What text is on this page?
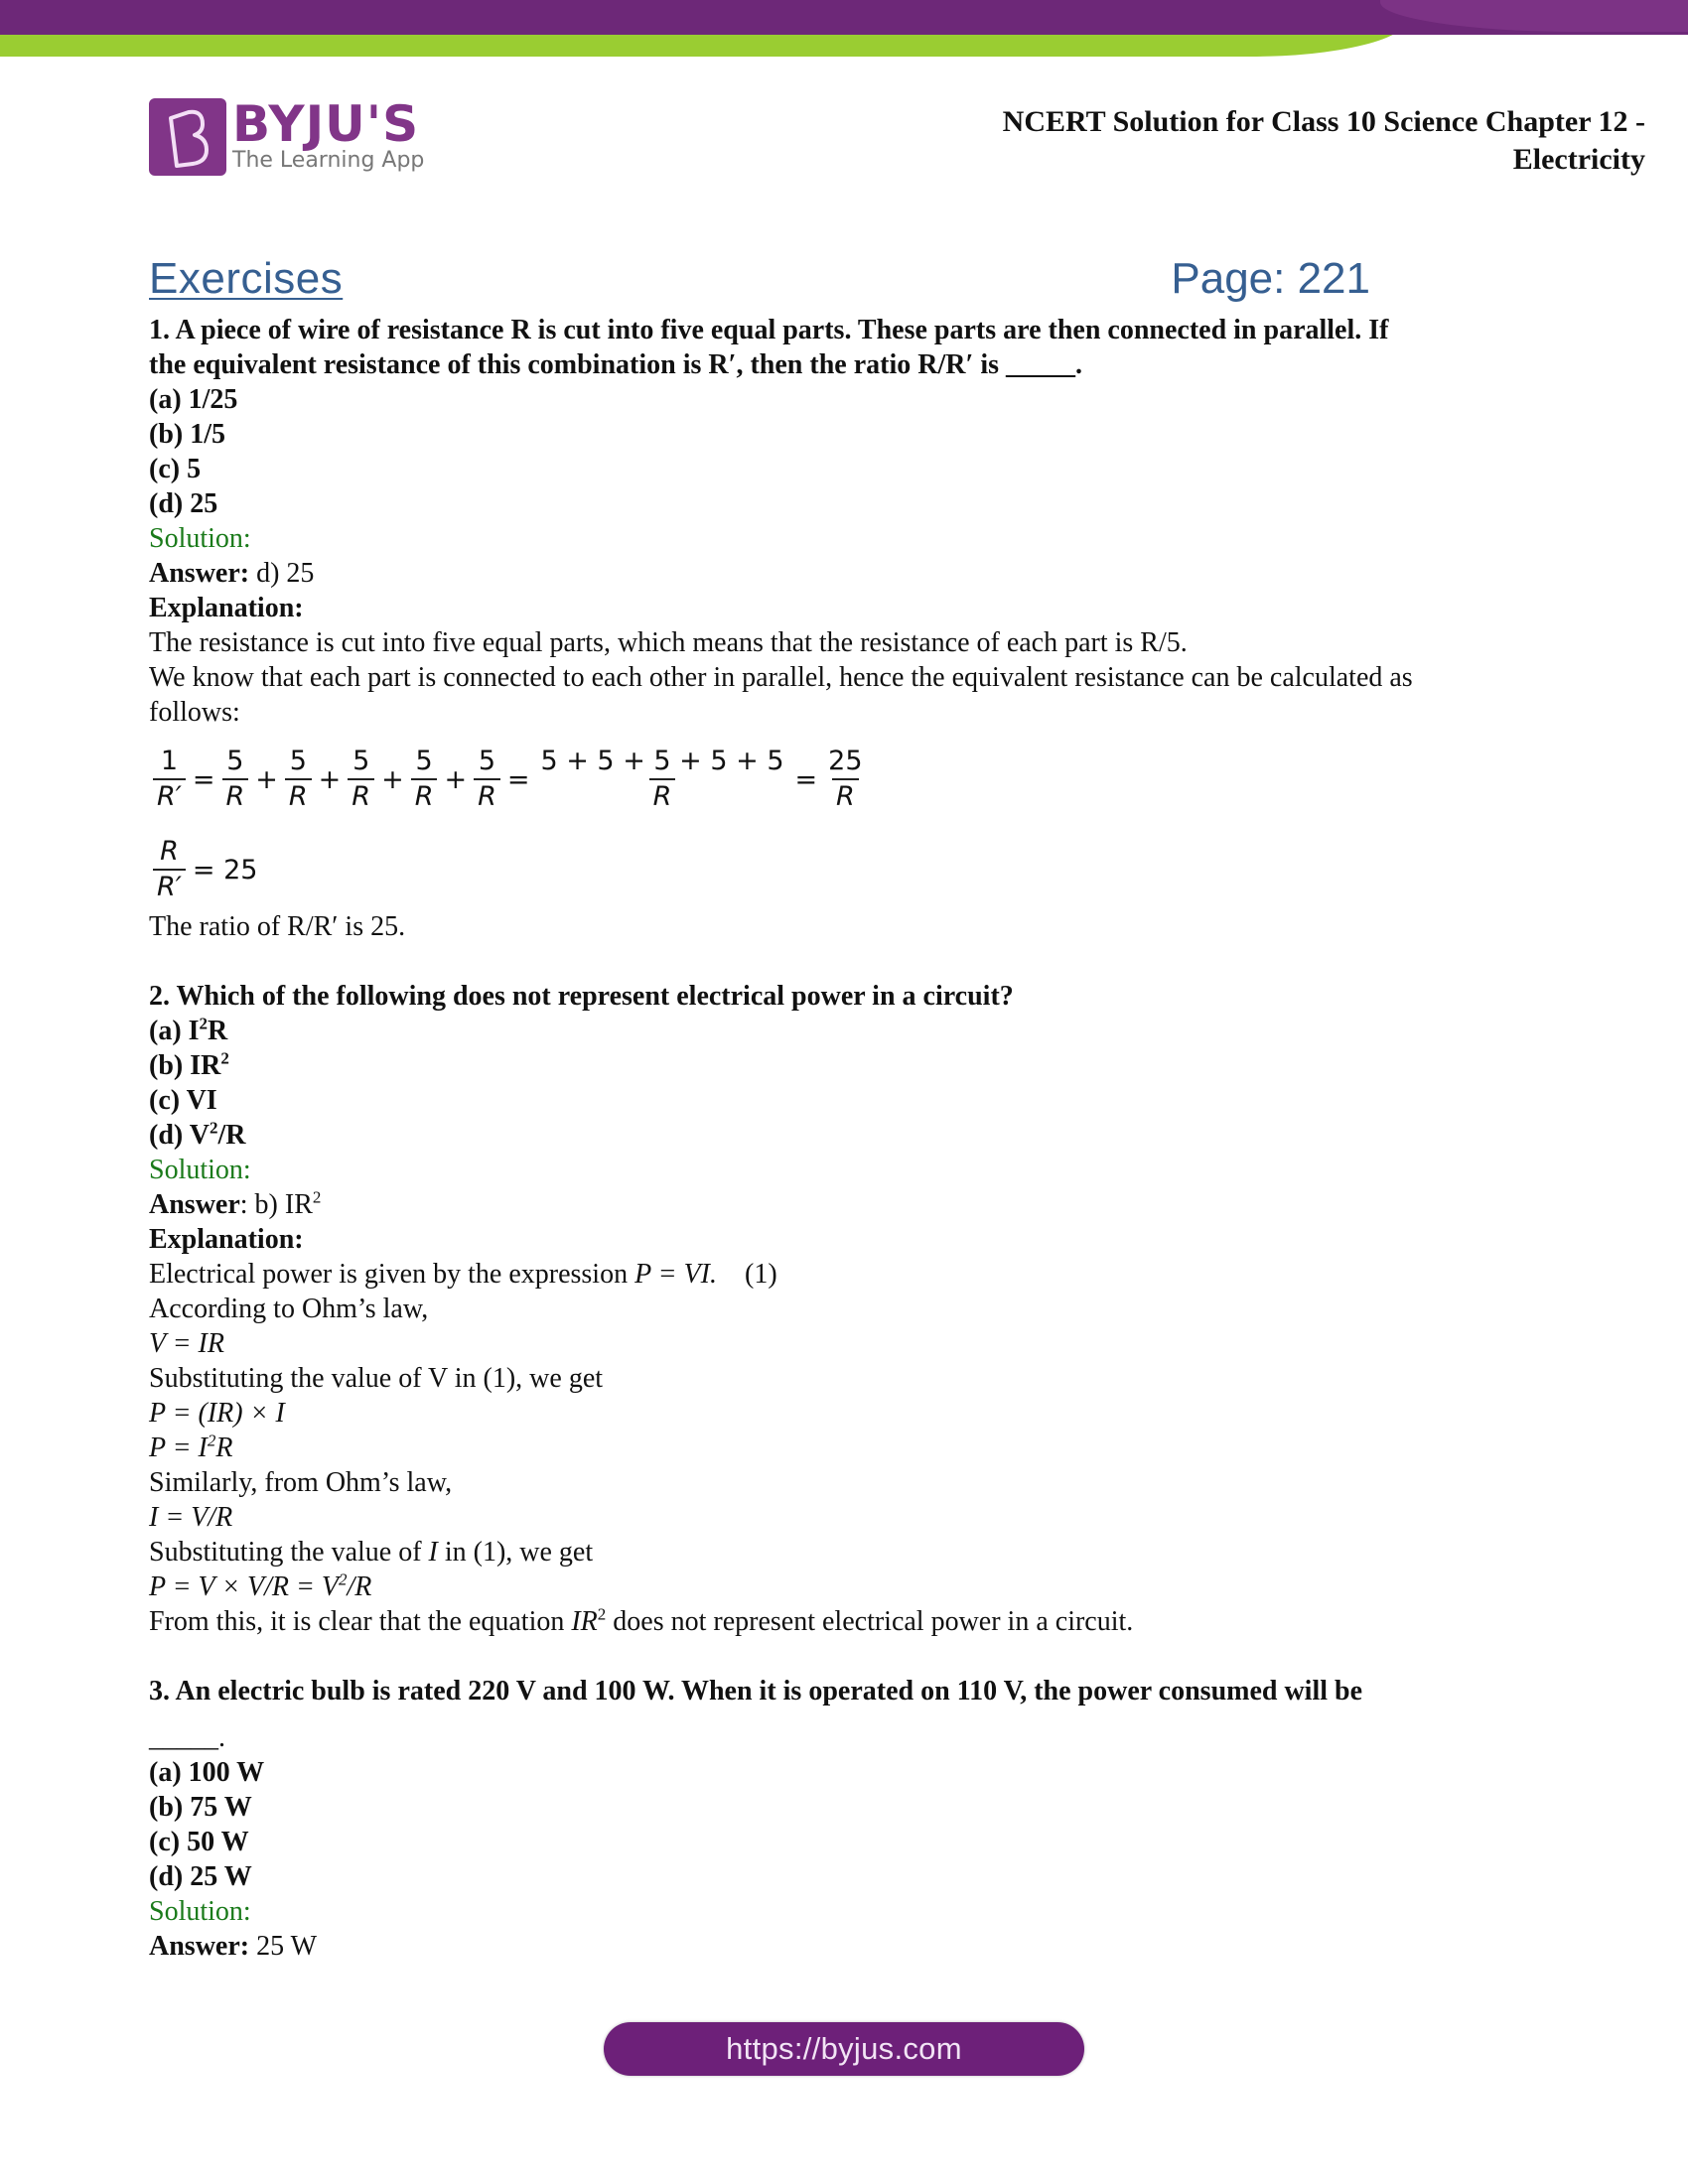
BYJU'S
The Learning App
NCERT Solution for Class 10 Science Chapter 12 -
Electricity
Exercises	Page: 221
1. A piece of wire of resistance R is cut into five equal parts. These parts are then connected in parallel. If
the equivalent resistance of this combination is R′, then the ratio R/R′ is _____.
(a) 1/25
(b) 1/5
(c) 5
(d) 25
Solution:
Answer: d) 25
Explanation:
The resistance is cut into five equal parts, which means that the resistance of each part is R/5.
We know that each part is connected to each other in parallel, hence the equivalent resistance can be calculated as
follows:
$\frac{1}{R'} = \frac{5}{R} + \frac{5}{R} + \frac{5}{R} + \frac{5}{R} + \frac{5}{R} = \frac{5 + 5 + 5 + 5 + 5}{R} = \frac{25}{R}$
$\frac{R}{R'} = 25$
The ratio of R/R′ is 25.
2. Which of the following does not represent electrical power in a circuit?
(a) $I^2R$
(b) $IR^2$
(c) VI
(d) $V^2/R$
Solution:
Answer: b) $IR^2$
Explanation:
Electrical power is given by the expression P = VI.    (1)
According to Ohm’s law,
V = IR
Substituting the value of V in (1), we get
P = (IR) × I
$P = I^2R$
Similarly, from Ohm’s law,
I = V/R
Substituting the value of I in (1), we get
$P = V \times V/R = V^2/R$
From this, it is clear that the equation $IR^2$ does not represent electrical power in a circuit.
3. An electric bulb is rated 220 V and 100 W. When it is operated on 110 V, the power consumed will be
_____.
(a) 100 W
(b) 75 W
(c) 50 W
(d) 25 W
Solution:
Answer: 25 W
https://byjus.com
